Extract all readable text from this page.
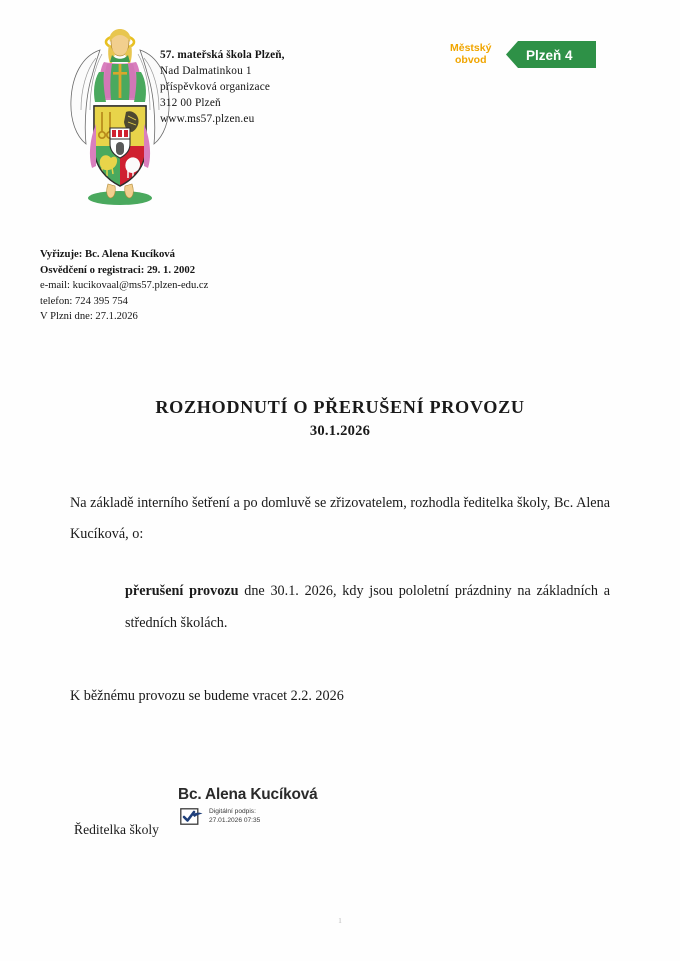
57. mateřská škola Plzeň,
Nad Dalmatinkou 1
příspěvková organizace
312 00 Plzeň
www.ms57.plzen.eu
Městský
obvod	Plzeň 4
Vyřizuje: Bc. Alena Kucíková
Osvědčení o registraci: 29. 1. 2002
e-mail: kucikovaal@ms57.plzen-edu.cz
telefon: 724 395 754
V Plzni dne: 27.1.2026
ROZHODNUTÍ O PŘERUŠENÍ PROVOZU
30.1.2026

Na základě interního šetření a po domluvě se zřizovatelem, rozhodla ředitelka školy, Bc. Alena Kucíková, o:

přerušení provozu dne 30.1. 2026, kdy jsou pololetní prázdniny na základních a středních školách.

K běžnému provozu se budeme vracet 2.2. 2026

Bc. Alena Kucíková
Digitální podpis:
27.01.2026 07:35
Ředitelka školy
1
